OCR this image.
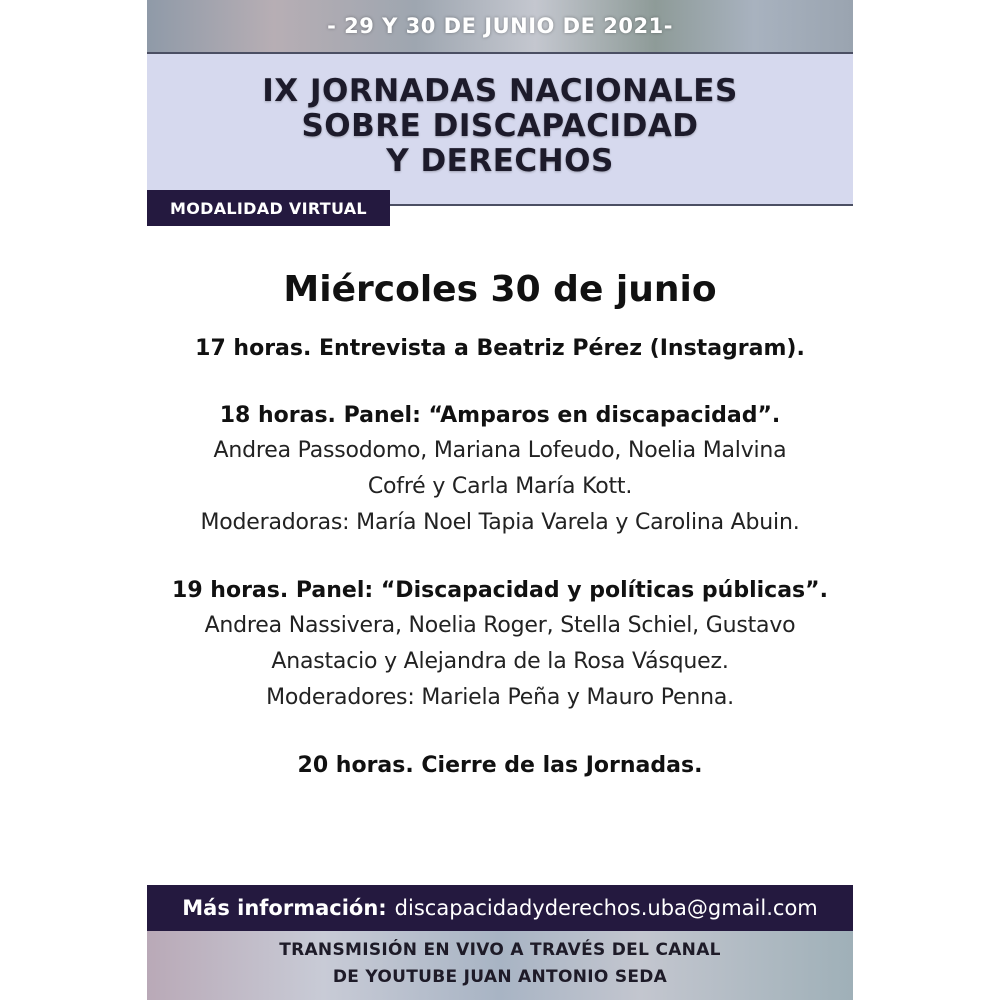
- 29 Y 30 DE JUNIO DE 2021-
IX JORNADAS NACIONALES
SOBRE DISCAPACIDAD
Y DERECHOS
MODALIDAD VIRTUAL

Miércoles 30 de junio

17 horas. Entrevista a Beatriz Pérez (Instagram).
18 horas. Panel: “Amparos en discapacidad”.
Andrea Passodomo, Mariana Lofeudo, Noelia Malvina
Cofré y Carla María Kott.
Moderadoras: María Noel Tapia Varela y Carolina Abuin.
19 horas. Panel: “Discapacidad y políticas públicas”.
Andrea Nassivera, Noelia Roger, Stella Schiel, Gustavo
Anastacio y Alejandra de la Rosa Vásquez.
Moderadores: Mariela Peña y Mauro Penna.
20 horas. Cierre de las Jornadas.
Más información: discapacidadyderechos.uba@gmail.com
TRANSMISIÓN EN VIVO A TRAVÉS DEL CANAL
DE YOUTUBE JUAN ANTONIO SEDA
